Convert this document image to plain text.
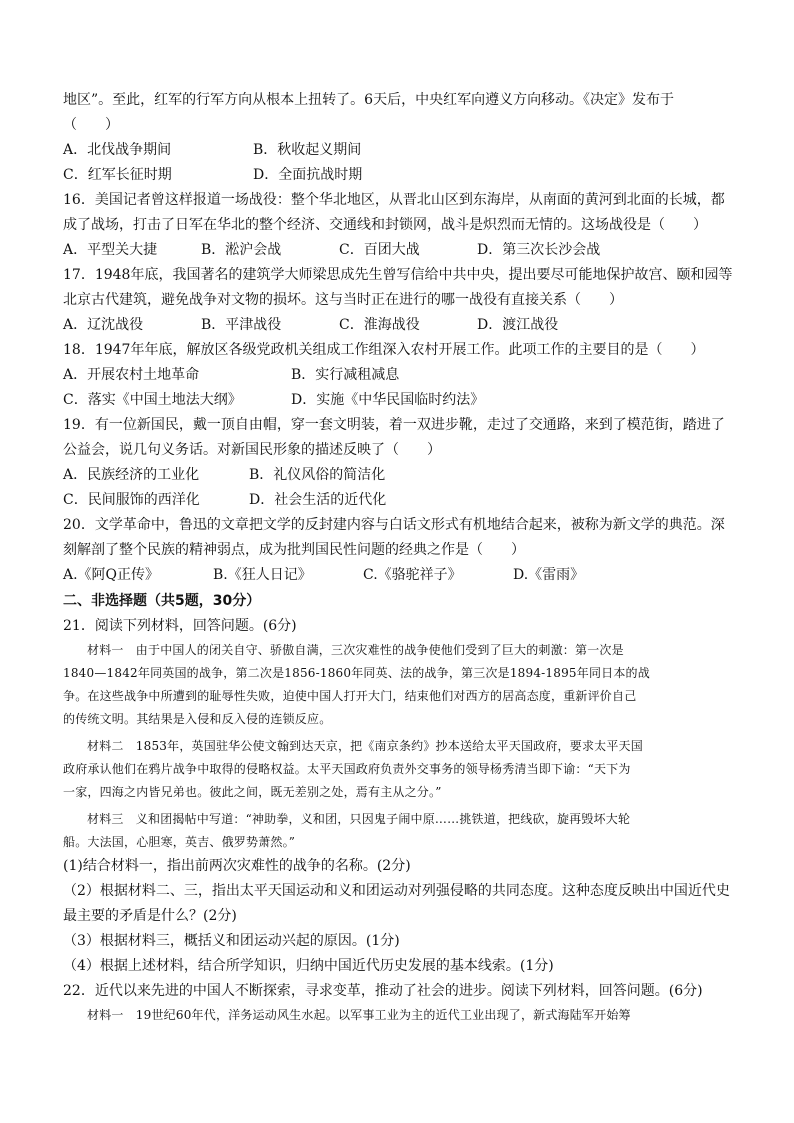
地区”。至此，红军的行军方向从根本上扭转了。6天后，中央红军向遵义方向移动。《决定》发布于
（　　）
A．北伐战争期间	B．秋收起义期间
C．红军长征时期	D．全面抗战时期
16．美国记者曾这样报道一场战役：整个华北地区，从晋北山区到东海岸，从南面的黄河到北面的长城，都
成了战场，打击了日军在华北的整个经济、交通线和封锁网，战斗是炽烈而无情的。这场战役是（　　）
A．平型关大捷	B．淞沪会战	C．百团大战	D．第三次长沙会战
17．1948年底，我国著名的建筑学大师梁思成先生曾写信给中共中央，提出要尽可能地保护故宫、颐和园等
北京古代建筑，避免战争对文物的损坏。这与当时正在进行的哪一战役有直接关系（　　）
A．辽沈战役	B．平津战役	C．淮海战役	D．渡江战役
18．1947年年底，解放区各级党政机关组成工作组深入农村开展工作。此项工作的主要目的是（　　）
A．开展农村土地革命	B．实行减租减息
C．落实《中国土地法大纲》	D．实施《中华民国临时约法》
19．有一位新国民，戴一顶自由帽，穿一套文明装，着一双进步靴，走过了交通路，来到了模范街，踏进了
公益会，说几句义务话。对新国民形象的描述反映了（　　）
A．民族经济的工业化	B．礼仪风俗的简洁化
C．民间服饰的西洋化	D．社会生活的近代化
20．文学革命中，鲁迅的文章把文学的反封建内容与白话文形式有机地结合起来，被称为新文学的典范。深
刻解剖了整个民族的精神弱点，成为批判国民性问题的经典之作是（　　）
A.《阿Q正传》	B.《狂人日记》	C.《骆驼祥子》	D.《雷雨》
二、非选择题（共5题，30分）
21．阅读下列材料，回答问题。(6分)
材料一　由于中国人的闭关自守、骄傲自满，三次灾难性的战争使他们受到了巨大的刺激：第一次是
1840—1842年同英国的战争，第二次是1856-1860年同英、法的战争，第三次是1894-1895年同日本的战
争。在这些战争中所遭到的耻辱性失败，迫使中国人打开大门，结束他们对西方的居高态度，重新评价自己
的传统文明。其结果是入侵和反入侵的连锁反应。
材料二　1853年，英国驻华公使文翰到达天京，把《南京条约》抄本送给太平天国政府，要求太平天国
政府承认他们在鸦片战争中取得的侵略权益。太平天国政府负责外交事务的领导杨秀清当即下谕：“天下为
一家，四海之内皆兄弟也。彼此之间，既无差别之处，焉有主从之分。”
材料三　义和团揭帖中写道：“神助拳，义和团，只因鬼子闹中原……挑铁道，把线砍，旋再毁坏大轮
船。大法国，心胆寒，英吉、俄罗势萧然。”
(1)结合材料一，指出前两次灾难性的战争的名称。(2分)
（2）根据材料二、三，指出太平天国运动和义和团运动对列强侵略的共同态度。这种态度反映出中国近代史
最主要的矛盾是什么？(2分)
（3）根据材料三，概括义和团运动兴起的原因。(1分)
（4）根据上述材料，结合所学知识，归纳中国近代历史发展的基本线索。(1分)
22．近代以来先进的中国人不断探索，寻求变革，推动了社会的进步。阅读下列材料，回答问题。(6分)
材料一　19世纪60年代，洋务运动风生水起。以军事工业为主的近代工业出现了，新式海陆军开始筹
